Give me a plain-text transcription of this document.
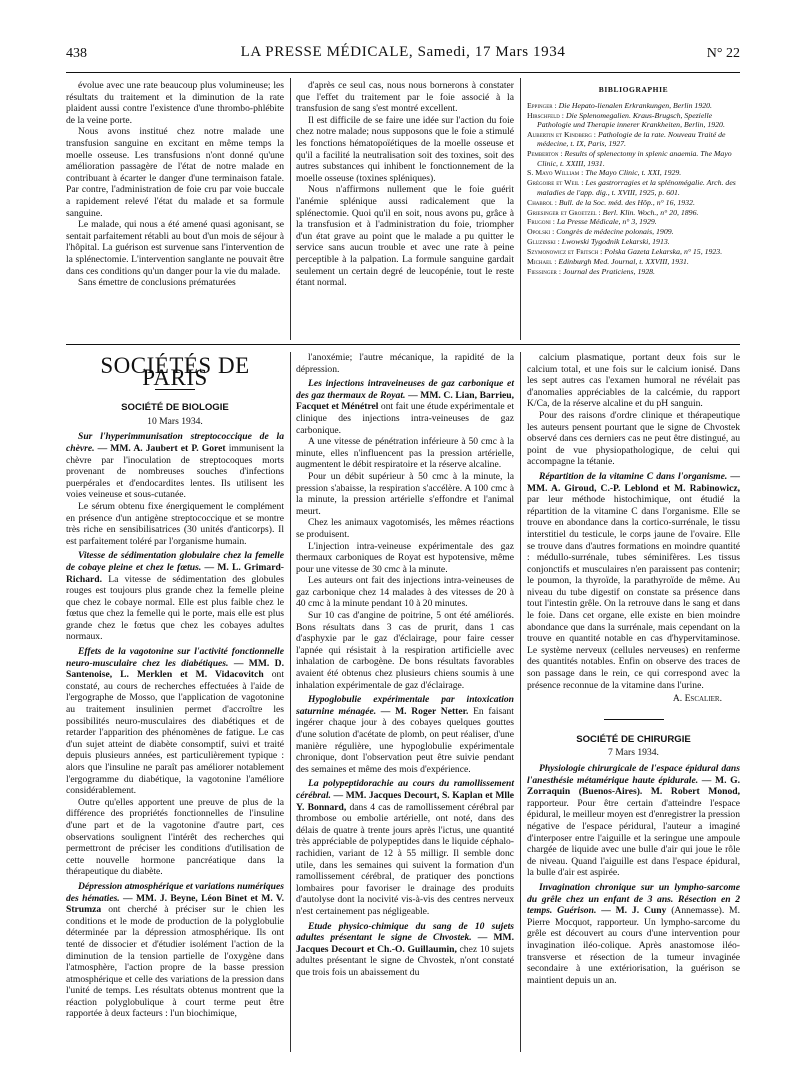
438	LA PRESSE MÉDICALE, Samedi, 17 Mars 1934	N° 22

évolue avec une rate beaucoup plus volumineuse; les résultats du traitement et la diminution de la rate plaident aussi contre l'existence d'une thrombo-phlébite de la veine porte.

Nous avons institué chez notre malade une transfusion sanguine en excitant en même temps la moelle osseuse. Les transfusions n'ont donné qu'une amélioration passagère de l'état de notre malade en contribuant à écarter le danger d'une terminaison fatale. Par contre, l'administration de foie cru par voie buccale a rapidement relevé l'état du malade et sa formule sanguine.

Le malade, qui nous a été amené quasi agonisant, se sentait parfaitement rétabli au bout d'un mois de séjour à l'hôpital. La guérison est survenue sans l'intervention de la splénectomie. L'intervention sanglante ne pouvait être dans ces conditions qu'un danger pour la vie du malade.

Sans émettre de conclusions prématurées

d'après ce seul cas, nous nous bornerons à constater que l'effet du traitement par le foie associé à la transfusion de sang s'est montré excellent.

Il est difficile de se faire une idée sur l'action du foie chez notre malade; nous supposons que le foie a stimulé les fonctions hématopoïétiques de la moelle osseuse et qu'il a facilité la neutralisation soit des toxines, soit des autres substances qui inhibent le fonctionnement de la moelle osseuse (toxines spléniques).

Nous n'affirmons nullement que le foie guérit l'anémie splénique aussi radicalement que la splénectomie. Quoi qu'il en soit, nous avons pu, grâce à la transfusion et à l'administration du foie, triompher d'un état grave au point que le malade a pu quitter le service sans aucun trouble et avec une rate à peine perceptible à la palpation. La formule sanguine gardait seulement un certain degré de leucopénie, tout le reste étant normal.

BIBLIOGRAPHIE
Eppinger : Die Hepato-lienalen Erkrankungen, Berlin 1920.
Hirschfeld : Die Splenomegalien. Kraus-Brugsch, Spezielle Pathologie und Therapie innerer Krankheiten, Berlin, 1920.
Aubertin et Kindberg : Pathologie de la rate. Nouveau Traité de médecine, t. IX, Paris, 1927.
Pemberton : Results of splenectomy in splenic anaemia. The Mayo Clinic, t. XXIII, 1931.
S. Mayo William : The Mayo Clinic, t. XXI, 1929.
Grégoire et Weil : Les gastrorragies et la splénomégalie. Arch. des maladies de l'app. dig., t. XVIII, 1925, p. 601.
Chabrol : Bull. de la Soc. méd. des Hôp., n° 16, 1932.
Griesinger et Groetzel : Berl. Klin. Woch., n° 20, 1896.
Frugoni : La Presse Médicale, n° 3, 1929.
Opolski : Congrès de médecine polonais, 1909.
Gluzinski : Lwowski Tygodnik Lekarski, 1913.
Szymonowicz et Fritsch : Polska Gazeta Lekarska, n° 15, 1923.
Michael : Edinburgh Med. Journal, t. XXVIII, 1931.
Fiessinger : Journal des Praticiens, 1928.
SOCIÉTÉS DE PARIS
SOCIÉTÉ DE BIOLOGIE
10 Mars 1934.

Sur l'hyperimmunisation streptococcique de la chèvre. — MM. A. Jaubert et P. Goret immunisent la chèvre par l'inoculation de streptocoques morts provenant de nombreuses souches d'infections puerpérales et d'endocardites lentes. Ils utilisent les voies veineuse et sous-cutanée.

Le sérum obtenu fixe énergiquement le complément en présence d'un antigène streptococcique et se montre très riche en sensibilisatrices (30 unités d'anticorps). Il est parfaitement toléré par l'organisme humain.

Vitesse de sédimentation globulaire chez la femelle de cobaye pleine et chez le fœtus. — M. L. Grimard-Richard. La vitesse de sédimentation des globules rouges est toujours plus grande chez la femelle pleine que chez le cobaye normal. Elle est plus faible chez le fœtus que chez la femelle qui le porte, mais elle est plus grande chez le fœtus que chez les cobayes adultes normaux.

Effets de la vagotonine sur l'activité fonctionnelle neuro-musculaire chez les diabétiques. — MM. D. Santenoise, L. Merklen et M. Vidacovitch ont constaté, au cours de recherches effectuées à l'aide de l'ergographe de Mosso, que l'application de vagotonine au traitement insulinien permet d'accroître les possibilités neuro-musculaires des diabétiques et de retarder l'apparition des phénomènes de fatigue. Le cas d'un sujet atteint de diabète consomptif, suivi et traité depuis plusieurs années, est particulièrement typique : alors que l'insuline ne paraît pas améliorer notablement l'ergogramme du diabétique, la vagotonine l'améliore considérablement.

Outre qu'elles apportent une preuve de plus de la différence des propriétés fonctionnelles de l'insuline d'une part et de la vagotonine d'autre part, ces observations soulignent l'intérêt des recherches qui permettront de préciser les conditions d'utilisation de cette nouvelle hormone pancréatique dans la thérapeutique du diabète.

Dépression atmosphérique et variations numériques des hématies. — MM. J. Beyne, Léon Binet et M. V. Strumza ont cherché à préciser sur le chien les conditions et le mode de production de la polyglobulie déterminée par la dépression atmosphérique. Ils ont tenté de dissocier et d'étudier isolément l'action de la diminution de la tension partielle de l'oxygène dans l'atmosphère, l'action propre de la basse pression atmosphérique et celle des variations de la pression dans l'unité de temps. Les résultats obtenus montrent que la réaction polyglobulique à court terme peut être rapportée à deux facteurs : l'un biochimique,

l'anoxémie; l'autre mécanique, la rapidité de la dépression.

Les injections intraveineuses de gaz carbonique et des gaz thermaux de Royat. — MM. C. Lian, Barrieu, Facquet et Ménétrel ont fait une étude expérimentale et clinique des injections intra-veineuses de gaz carbonique.

A une vitesse de pénétration inférieure à 50 cmc à la minute, elles n'influencent pas la pression artérielle, augmentent le débit respiratoire et la réserve alcaline.

Pour un débit supérieur à 50 cmc à la minute, la pression s'abaisse, la respiration s'accélère. A 100 cmc à la minute, la pression artérielle s'effondre et l'animal meurt.

Chez les animaux vagotomisés, les mêmes réactions se produisent.

L'injection intra-veineuse expérimentale des gaz thermaux carboniques de Royat est hypotensive, même pour une vitesse de 30 cmc à la minute.

Les auteurs ont fait des injections intra-veineuses de gaz carbonique chez 14 malades à des vitesses de 20 à 40 cmc à la minute pendant 10 à 20 minutes.

Sur 10 cas d'angine de poitrine, 5 ont été améliorés. Bons résultats dans 3 cas de prurit, dans 1 cas d'asphyxie par le gaz d'éclairage, pour faire cesser l'apnée qui résistait à la respiration artificielle avec inhalation de carbogène. De bons résultats favorables avaient été obtenus chez plusieurs chiens soumis à une inhalation expérimentale de gaz d'éclairage.

Hypoglobulie expérimentale par intoxication saturnine ménagée. — M. Roger Netter. En faisant ingérer chaque jour à des cobayes quelques gouttes d'une solution d'acétate de plomb, on peut réaliser, d'une manière régulière, une hypoglobulie expérimentale chronique, dont l'observation peut être suivie pendant des semaines et même des mois d'expérience.

La polypeptidorachie au cours du ramollissement cérébral. — MM. Jacques Decourt, S. Kaplan et Mlle Y. Bonnard, dans 4 cas de ramollissement cérébral par thrombose ou embolie artérielle, ont noté, dans des délais de quatre à trente jours après l'ictus, une quantité très appréciable de polypeptides dans le liquide céphalo-rachidien, variant de 12 à 55 milligr. Il semble donc utile, dans les semaines qui suivent la formation d'un ramollissement cérébral, de pratiquer des ponctions lombaires pour favoriser le drainage des produits d'autolyse dont la nocivité vis-à-vis des centres nerveux n'est certainement pas négligeable.

Etude physico-chimique du sang de 10 sujets adultes présentant le signe de Chvostek. — MM. Jacques Decourt et Ch.-O. Guillaumin, chez 10 sujets adultes présentant le signe de Chvostek, n'ont constaté que trois fois un abaissement du

calcium plasmatique, portant deux fois sur le calcium total, et une fois sur le calcium ionisé. Dans les sept autres cas l'examen humoral ne révélait pas d'anomalies appréciables de la calcémie, du rapport K/Ca, de la réserve alcaline et du pH sanguin.

Pour des raisons d'ordre clinique et thérapeutique les auteurs pensent pourtant que le signe de Chvostek observé dans ces derniers cas ne peut être distingué, au point de vue physiopathologique, de celui qui accompagne la tétanie.

Répartition de la vitamine C dans l'organisme. — MM. A. Giroud, C.-P. Leblond et M. Rabinowicz, par leur méthode histochimique, ont étudié la répartition de la vitamine C dans l'organisme. Elle se trouve en abondance dans la cortico-surrénale, le tissu interstitiel du testicule, le corps jaune de l'ovaire. Elle se trouve dans d'autres formations en moindre quantité : médullo-surrénale, tubes séminifères. Les tissus conjonctifs et musculaires n'en paraissent pas contenir; le poumon, la thyroïde, la parathyroïde de même. Au niveau du tube digestif on constate sa présence dans tout l'intestin grêle. On la retrouve dans le sang et dans le foie. Dans cet organe, elle existe en bien moindre abondance que dans la surrénale, mais cependant on la trouve en quantité notable en cas d'hypervitaminose. Le système nerveux (cellules nerveuses) en renferme des quantités notables. Enfin on observe des traces de son passage dans le rein, ce qui correspond avec la présence reconnue de la vitamine dans l'urine.

A. Escalier.
SOCIÉTÉ DE CHIRURGIE
7 Mars 1934.

Physiologie chirurgicale de l'espace épidural dans l'anesthésie métamérique haute épidurale. — M. G. Zorraquin (Buenos-Aires). M. Robert Monod, rapporteur. Pour être certain d'atteindre l'espace épidural, le meilleur moyen est d'enregistrer la pression négative de l'espace péridural, l'auteur a imaginé d'interposer entre l'aiguille et la seringue une ampoule chargée de liquide avec une bulle d'air qui joue le rôle de niveau. Quand l'aiguille est dans l'espace épidural, la bulle d'air est aspirée.

Invagination chronique sur un lympho-sarcome du grêle chez un enfant de 3 ans. Résection en 2 temps. Guérison. — M. J. Cuny (Annemasse). M. Pierre Mocquot, rapporteur. Un lympho-sarcome du grêle est découvert au cours d'une intervention pour invagination iléo-colique. Après anastomose iléo-transverse et résection de la tumeur invaginée secondaire à une extériorisation, la guérison se maintient depuis un an.
